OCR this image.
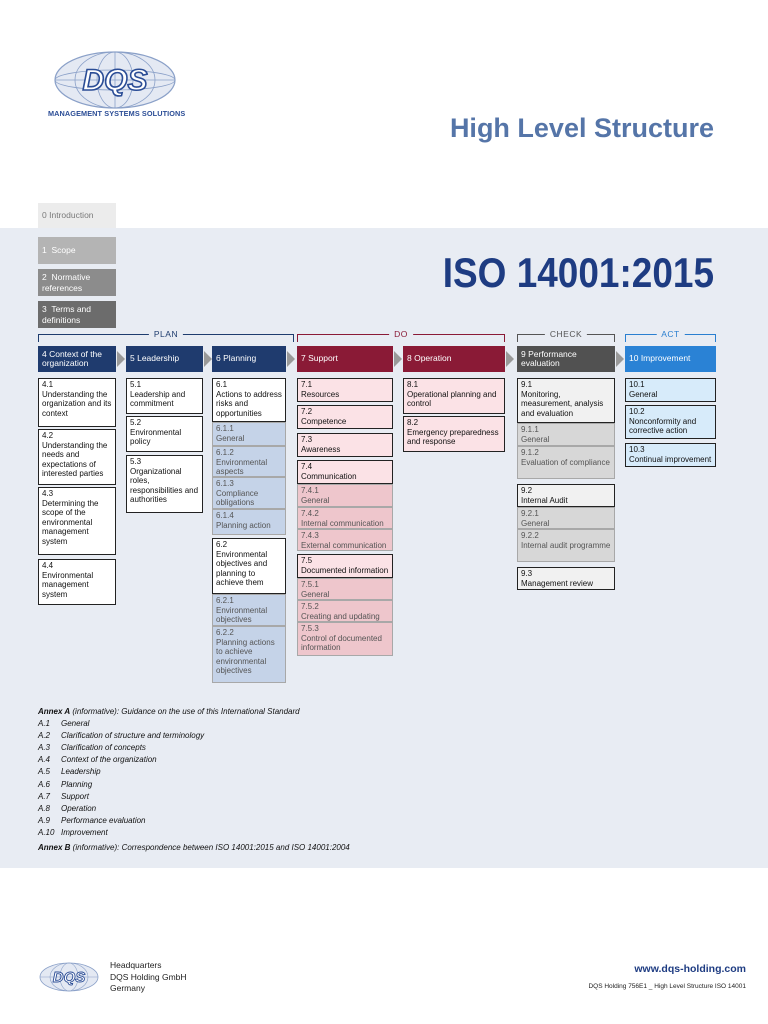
DQS
MANAGEMENT SYSTEMS SOLUTIONS	High Level Structure
ISO 14001:2015
0 Introduction
1 Scope
2 Normative references
3 Terms and definitions
PLAN	DO	CHECK	ACT
4 Context of the organization	5 Leadership	6 Planning	7 Support	8 Operation	9 Performance evaluation	10 Improvement
4.1
Understanding the organization and its context
4.2
Understanding the needs and expectations of interested parties
4.3
Determining the scope of the environmental management system
4.4
Environmental management system
5.1
Leadership and commitment
5.2
Environmental policy
5.3
Organizational roles, responsibilities and authorities
6.1
Actions to address risks and opportunities
6.1.1
General
6.1.2
Environmental aspects
6.1.3
Compliance obligations
6.1.4
Planning action
6.2
Environmental objectives and planning to achieve them
6.2.1
Environmental objectives
6.2.2
Planning actions to achieve environmental objectives
7.1
Resources
7.2
Competence
7.3
Awareness
7.4
Communication
7.4.1
General
7.4.2
Internal communication
7.4.3
External communication
7.5
Documented information
7.5.1
General
7.5.2
Creating and updating
7.5.3
Control of documented information
8.1
Operational planning and control
8.2
Emergency preparedness and response
9.1
Monitoring, measurement, analysis and evaluation
9.1.1
General
9.1.2
Evaluation of compliance
9.2
Internal Audit
9.2.1
General
9.2.2
Internal audit programme
9.3
Management review
10.1
General
10.2
Nonconformity and corrective action
10.3
Continual improvement
Annex A (informative): Guidance on the use of this International Standard
A.1 General
A.2 Clarification of structure and terminology
A.3 Clarification of concepts
A.4 Context of the organization
A.5 Leadership
A.6 Planning
A.7 Support
A.8 Operation
A.9 Performance evaluation
A.10 Improvement
Annex B (informative): Correspondence between ISO 14001:2015 and ISO 14001:2004
DQS
Headquarters
DQS Holding GmbH
Germany
www.dqs-holding.com
DQS Holding 756E1 _ High Level Structure ISO 14001
